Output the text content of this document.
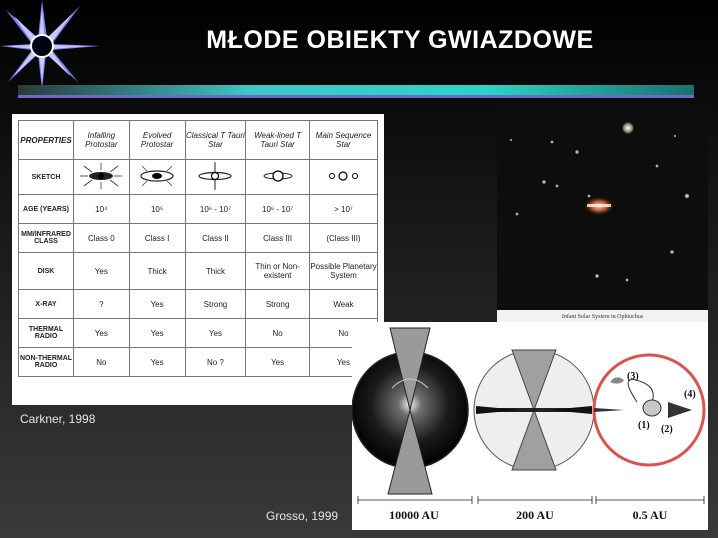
MŁODE OBIEKTY GWIAZDOWE
PROPERTIES	Infalling Protostar	Evolved Protostar	Classical T Tauri Star	Weak-lined T Tauri Star	Main Sequence Star
SKETCH					
AGE (YEARS)	10⁴	10⁵	10⁶ - 10⁷	10⁶ - 10⁷	> 10⁷
MM/INFRARED CLASS	Class 0	Class I	Class II	Class III	(Class III)
DISK	Yes	Thick	Thick	Thin or Non-existent	Possible Planetary System
X-RAY	?	Yes	Strong	Strong	Weak
THERMAL RADIO	Yes	Yes	Yes	No	No
NON-THERMAL RADIO	No	Yes	No ?	Yes	Yes
Carkner, 1998
Infant Solar System in Ophiuchus
(3)
(4)
(1) (2)
10000 AU	200 AU	0.5 AU
Grosso, 1999
